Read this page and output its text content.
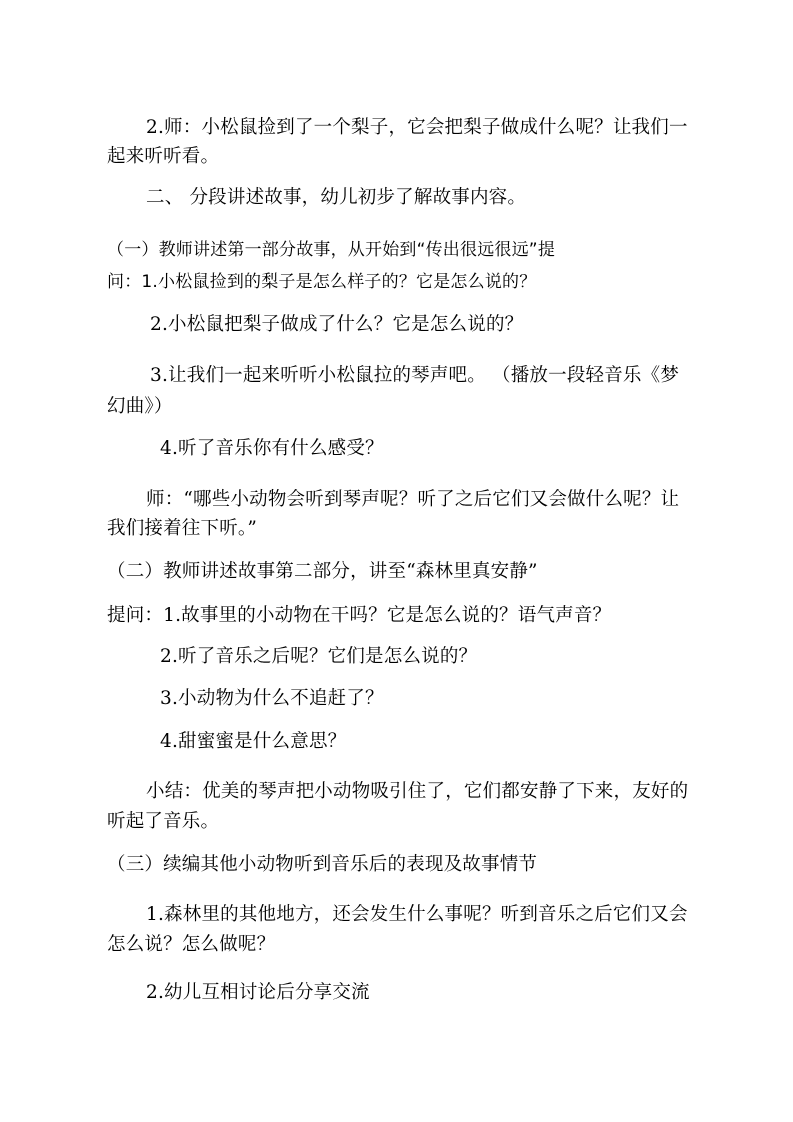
2.师：小松鼠捡到了一个梨子，它会把梨子做成什么呢？让我们一
起来听听看。
二、 分段讲述故事，幼儿初步了解故事内容。
（一）教师讲述第一部分故事，从开始到“传出很远很远”提
问：1.小松鼠捡到的梨子是怎么样子的？它是怎么说的？
2.小松鼠把梨子做成了什么？它是怎么说的？
3.让我们一起来听听小松鼠拉的琴声吧。 （播放一段轻音乐《梦
幻曲》）
4.听了音乐你有什么感受？
师：“哪些小动物会听到琴声呢？听了之后它们又会做什么呢？让
我们接着往下听。”
（二）教师讲述故事第二部分，讲至“森林里真安静”
提问：1.故事里的小动物在干吗？它是怎么说的？语气声音？
2.听了音乐之后呢？它们是怎么说的？
3.小动物为什么不追赶了？
4.甜蜜蜜是什么意思？
小结：优美的琴声把小动物吸引住了，它们都安静了下来，友好的
听起了音乐。
（三）续编其他小动物听到音乐后的表现及故事情节
1.森林里的其他地方，还会发生什么事呢？听到音乐之后它们又会
怎么说？怎么做呢？
2.幼儿互相讨论后分享交流
